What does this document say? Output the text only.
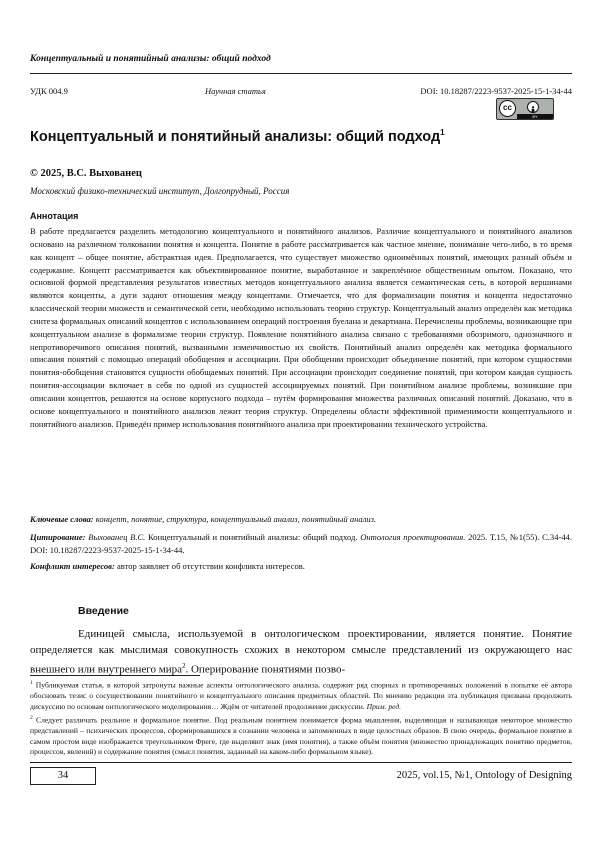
Концептуальный и понятийный анализы: общий подход
УДК 004.9	Научная статья	DOI: 10.18287/2223-9537-2025-15-1-34-44
cc
BY
Концептуальный и понятийный анализы: общий подход$^1$
© 2025, В.С. Выхованец
Московский физико-технический институт, Долгопрудный, Россия
Аннотация
В работе предлагается разделить методологию концептуального и понятийного анализов. Различие концептуального и понятийного анализов основано на различном толковании понятия и концепта. Понятие в работе рассматривается как частное мнение, понимание чего-либо, в то время как концепт – общее понятие, абстрактная идея. Предполагается, что существует множество одноимённых понятий, имеющих разный объём и содержание. Концепт рассматривается как объективированное понятие, выработанное и закреплённое общественным опытом. Показано, что основной формой представления результатов известных методов концептуального анализа является семантическая сеть, в которой вершинами являются концепты, а дуги задают отношения между концептами. Отмечается, что для формализации понятия и концепта недостаточно классической теории множеств и семантической сети, необходимо использовать теорию структур. Концептуальный анализ определён как методика синтеза формальных описаний концептов с использованием операций построения буелана и декартиана. Перечислены проблемы, возникающие при концептуальном анализе в формализме теории структур. Появление понятийного анализа связано с требованиями обозримого, однозначного и непротиворечивого описания понятий, вызванными изменчивостью их свойств. Понятийный анализ определён как методика формального описания понятий с помощью операций обобщения и ассоциации. При обобщении происходит объединение понятий, при котором сущностями понятия-обобщения становятся сущности обобщаемых понятий. При ассоциации происходит соединение понятий, при котором каждая сущность понятия-ассоциации включает в себя по одной из сущностей ассоциируемых понятий. При понятийном анализе проблемы, возникшие при описании концептов, решаются на основе корпусного подхода – путём формирования множества различных описаний понятий. Доказано, что в основе концептуального и понятийного анализов лежит теория структур. Определены области эффективной применимости концептуального и понятийного анализов. Приведён пример использования понятийного анализа при проектировании технического устройства.
Ключевые слова: концепт, понятие, структура, концептуальный анализ, понятийный анализ.
Цитирование: Выхованец В.С. Концептуальный и понятийный анализы: общий подход. Онтология проектирования. 2025. Т.15, №1(55). С.34-44. DOI: 10.18287/2223-9537-2025-15-1-34-44.
Конфликт интересов: автор заявляет об отсутствии конфликта интересов.
Введение
Единицей смысла, используемой в онтологическом проектировании, является понятие. Понятие определяется как мыслимая совокупность схожих в некотором смысле представлений из окружающего нас внешнего или внутреннего мира$^2$. Оперирование понятиями позво-

$^1$ Публикуемая статья, в которой затронуты важные аспекты онтологического анализа, содержит ряд спорных и противоречивых положений в попытке её автора обосновать тезис о сосуществовании понятийного и концептуального описания предметных областей. По мнению редакции эта публикация призвана продолжить дискуссию по основам онтологического моделирования… Ждём от читателей продолжение дискуссии. Прим. ред.

$^2$ Следует различать реальное и формальное понятие. Под реальным понятием понимается форма мышления, выделяющая и называющая некоторое множество представлений – психических процессов, сформировавшихся в сознании человека и запомненных в виде целостных образов. В свою очередь, формальное понятие в самом простом виде изображается треугольником Фреге, где выделяют знак (имя понятия), а также объём понятия (множество принадлежащих понятию предметов, процессов, явлений) и содержание понятия (смысл понятия, заданный на каком-либо формальном языке).

34	2025, vol.15, №1, Ontology of Designing
